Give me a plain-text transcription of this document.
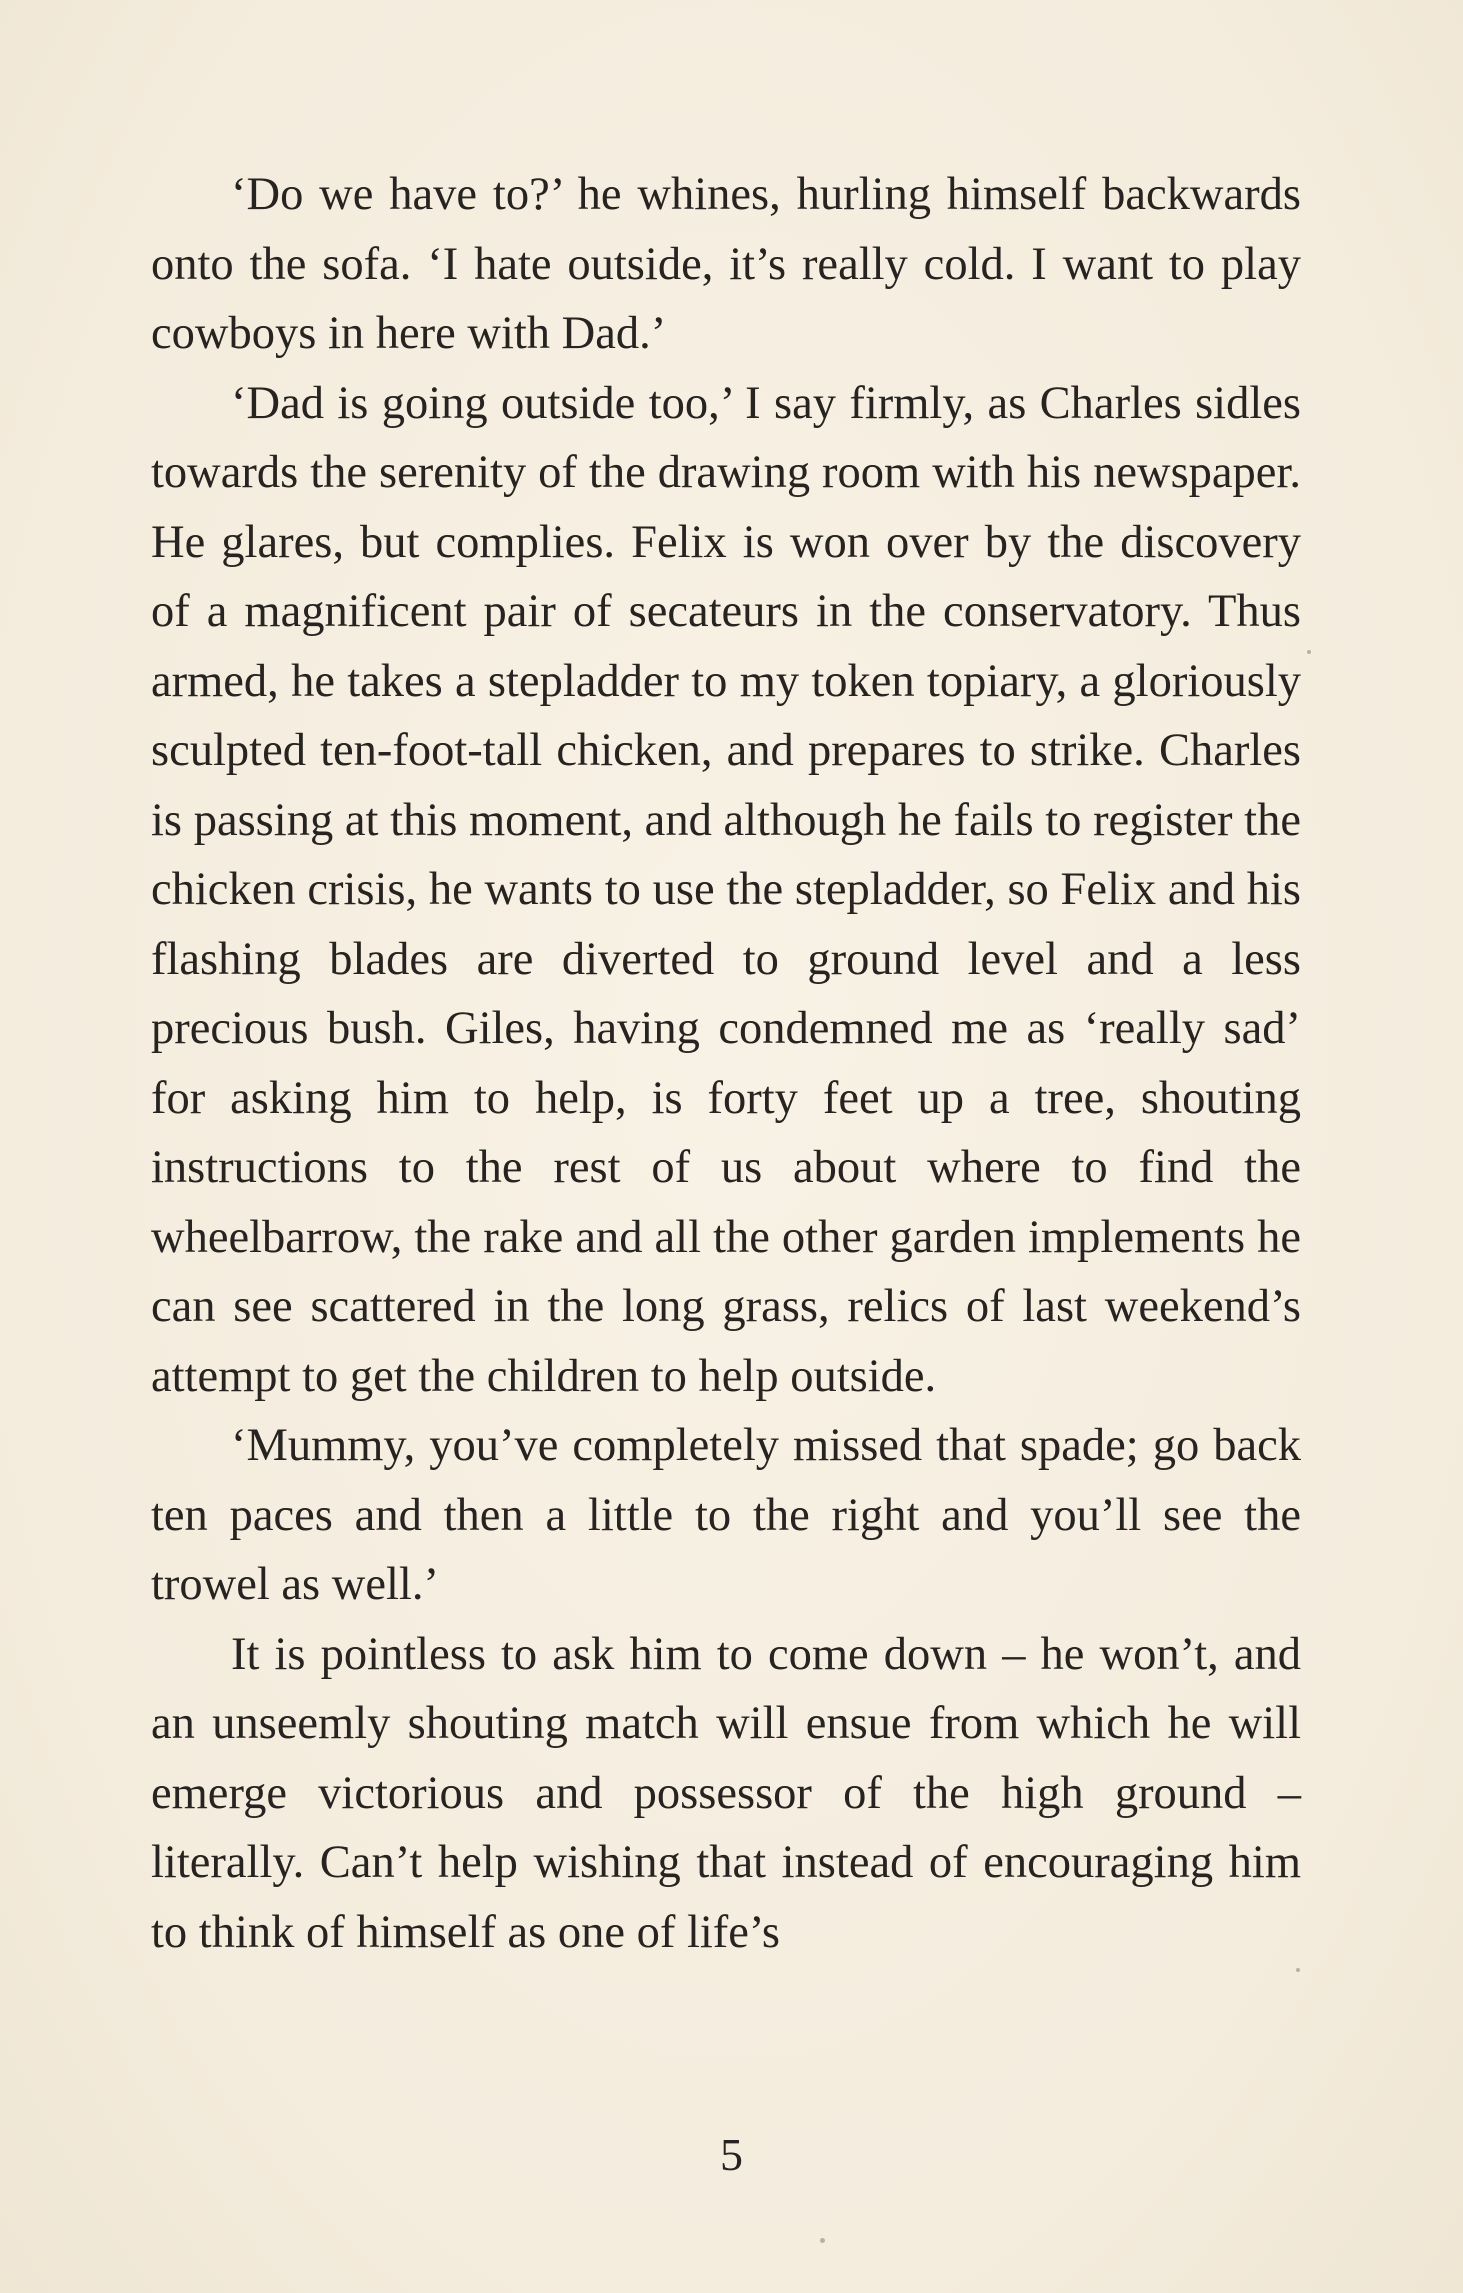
‘Do we have to?’ he whines, hurling himself backwards onto the sofa. ‘I hate outside, it’s really cold. I want to play cowboys in here with Dad.’

‘Dad is going outside too,’ I say firmly, as Charles sidles towards the serenity of the drawing room with his newspaper. He glares, but complies. Felix is won over by the discovery of a magnificent pair of secateurs in the conservatory. Thus armed, he takes a stepladder to my token topiary, a gloriously sculpted ten-foot-tall chicken, and prepares to strike. Charles is passing at this moment, and although he fails to register the chicken crisis, he wants to use the stepladder, so Felix and his flashing blades are diverted to ground level and a less precious bush. Giles, having condemned me as ‘really sad’ for asking him to help, is forty feet up a tree, shouting instructions to the rest of us about where to find the wheelbarrow, the rake and all the other garden implements he can see scattered in the long grass, relics of last weekend’s attempt to get the children to help outside.

‘Mummy, you’ve completely missed that spade; go back ten paces and then a little to the right and you’ll see the trowel as well.’

It is pointless to ask him to come down – he won’t, and an unseemly shouting match will ensue from which he will emerge victorious and possessor of the high ground – literally. Can’t help wishing that instead of encouraging him to think of himself as one of life’s

5
